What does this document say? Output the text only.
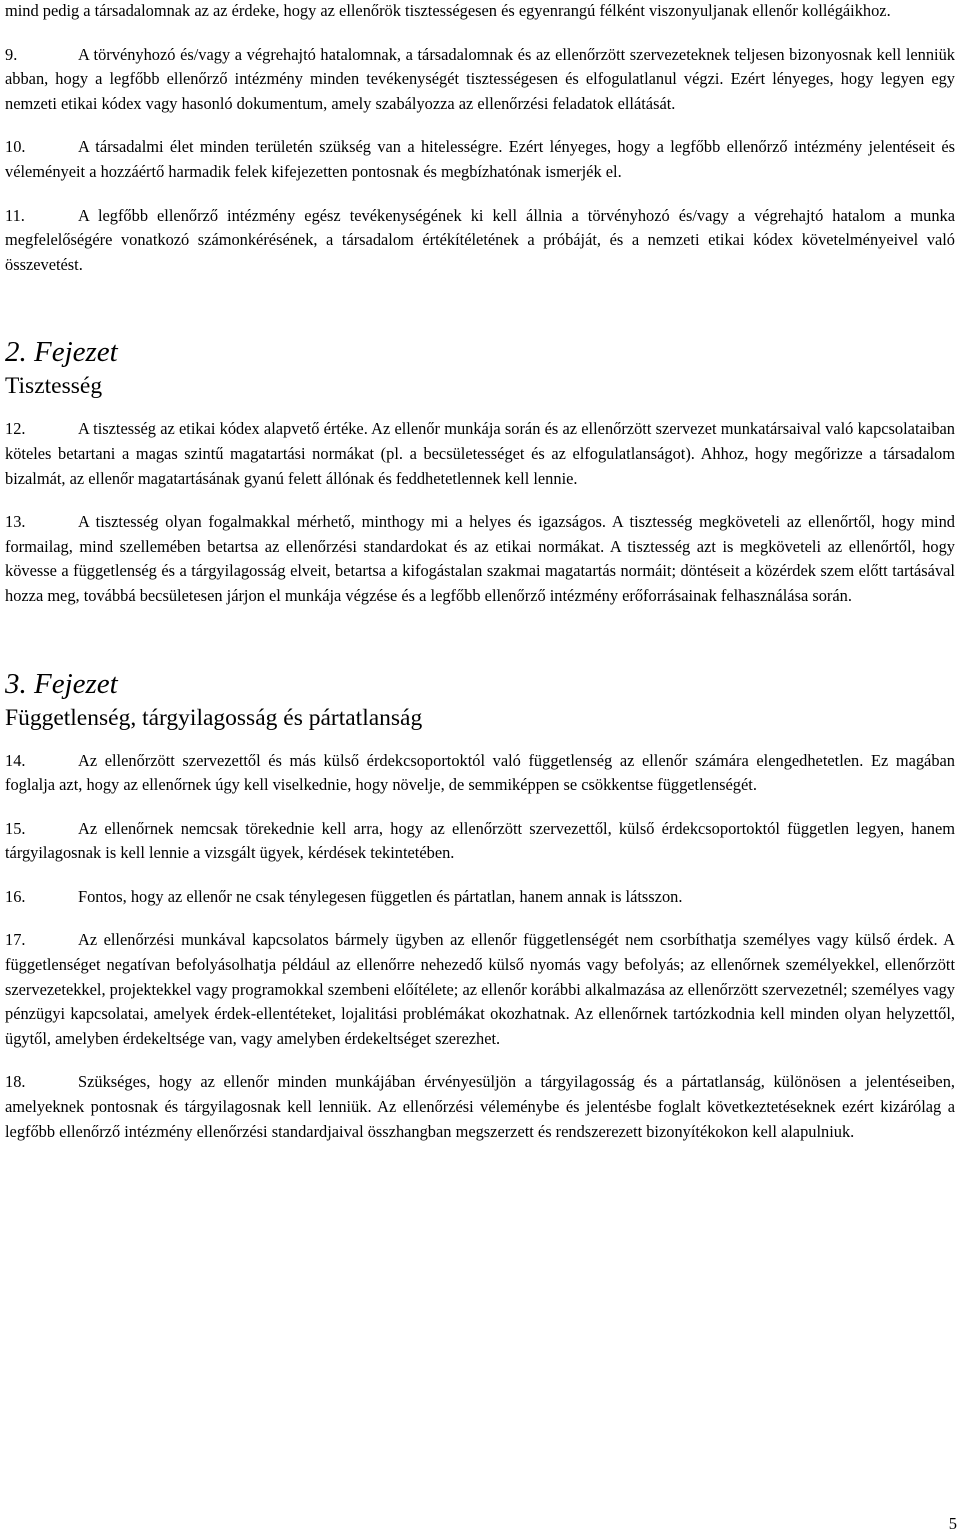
mind pedig a társadalomnak az az érdeke, hogy az ellenőrök tisztességesen és egyenrangú félként viszonyuljanak ellenőr kollégáikhoz.

9.	A törvényhozó és/vagy a végrehajtó hatalomnak, a társadalomnak és az ellenőrzött szervezeteknek teljesen bizonyosnak kell lenniük abban, hogy a legfőbb ellenőrző intézmény minden tevékenységét tisztességesen és elfogulatlanul végzi. Ezért lényeges, hogy legyen egy nemzeti etikai kódex vagy hasonló dokumentum, amely szabályozza az ellenőrzési feladatok ellátását.

10.	A társadalmi élet minden területén szükség van a hitelességre. Ezért lényeges, hogy a legfőbb ellenőrző intézmény jelentéseit és véleményeit a hozzáértő harmadik felek kifejezetten pontosnak és megbízhatónak ismerjék el.

11.	A legfőbb ellenőrző intézmény egész tevékenységének ki kell állnia a törvényhozó és/vagy a végrehajtó hatalom a munka megfelelőségére vonatkozó számonkérésének, a társadalom értékítéletének a próbáját, és a nemzeti etikai kódex követelményeivel való összevetést.

2. Fejezet
Tisztesség

12.	A tisztesség az etikai kódex alapvető értéke. Az ellenőr munkája során és az ellenőrzött szervezet munkatársaival való kapcsolataiban köteles betartani a magas szintű magatartási normákat (pl. a becsületességet és az elfogulatlanságot). Ahhoz, hogy megőrizze a társadalom bizalmát, az ellenőr magatartásának gyanú felett állónak és feddhetetlennek kell lennie.

13.	A tisztesség olyan fogalmakkal mérhető, minthogy mi a helyes és igazságos. A tisztesség megköveteli az ellenőrtől, hogy mind formailag, mind szellemében betartsa az ellenőrzési standardokat és az etikai normákat. A tisztesség azt is megköveteli az ellenőrtől, hogy kövesse a függetlenség és a tárgyilagosság elveit, betartsa a kifogástalan szakmai magatartás normáit; döntéseit a közérdek szem előtt tartásával hozza meg, továbbá becsületesen járjon el munkája végzése és a legfőbb ellenőrző intézmény erőforrásainak felhasználása során.

3. Fejezet
Függetlenség, tárgyilagosság és pártatlanság

14.	Az ellenőrzött szervezettől és más külső érdekcsoportoktól való függetlenség az ellenőr számára elengedhetetlen. Ez magában foglalja azt, hogy az ellenőrnek úgy kell viselkednie, hogy növelje, de semmiképpen se csökkentse függetlenségét.

15.	Az ellenőrnek nemcsak törekednie kell arra, hogy az ellenőrzött szervezettől, külső érdekcsoportoktól független legyen, hanem tárgyilagosnak is kell lennie a vizsgált ügyek, kérdések tekintetében.

16.	Fontos, hogy az ellenőr ne csak ténylegesen független és pártatlan, hanem annak is látsszon.

17.	Az ellenőrzési munkával kapcsolatos bármely ügyben az ellenőr függetlenségét nem csorbíthatja személyes vagy külső érdek. A függetlenséget negatívan befolyásolhatja például az ellenőrre nehezedő külső nyomás vagy befolyás; az ellenőrnek személyekkel, ellenőrzött szervezetekkel, projektekkel vagy programokkal szembeni előítélete; az ellenőr korábbi alkalmazása az ellenőrzött szervezetnél; személyes vagy pénzügyi kapcsolatai, amelyek érdek-ellentéteket, lojalitási problémákat okozhatnak. Az ellenőrnek tartózkodnia kell minden olyan helyzettől, ügytől, amelyben érdekeltsége van, vagy amelyben érdekeltséget szerezhet.

18.	Szükséges, hogy az ellenőr minden munkájában érvényesüljön a tárgyilagosság és a pártatlanság, különösen a jelentéseiben, amelyeknek pontosnak és tárgyilagosnak kell lenniük. Az ellenőrzési véleménybe és jelentésbe foglalt következtetéseknek ezért kizárólag a legfőbb ellenőrző intézmény ellenőrzési standardjaival összhangban megszerzett és rendszerezett bizonyítékokon kell alapulniuk.

5
